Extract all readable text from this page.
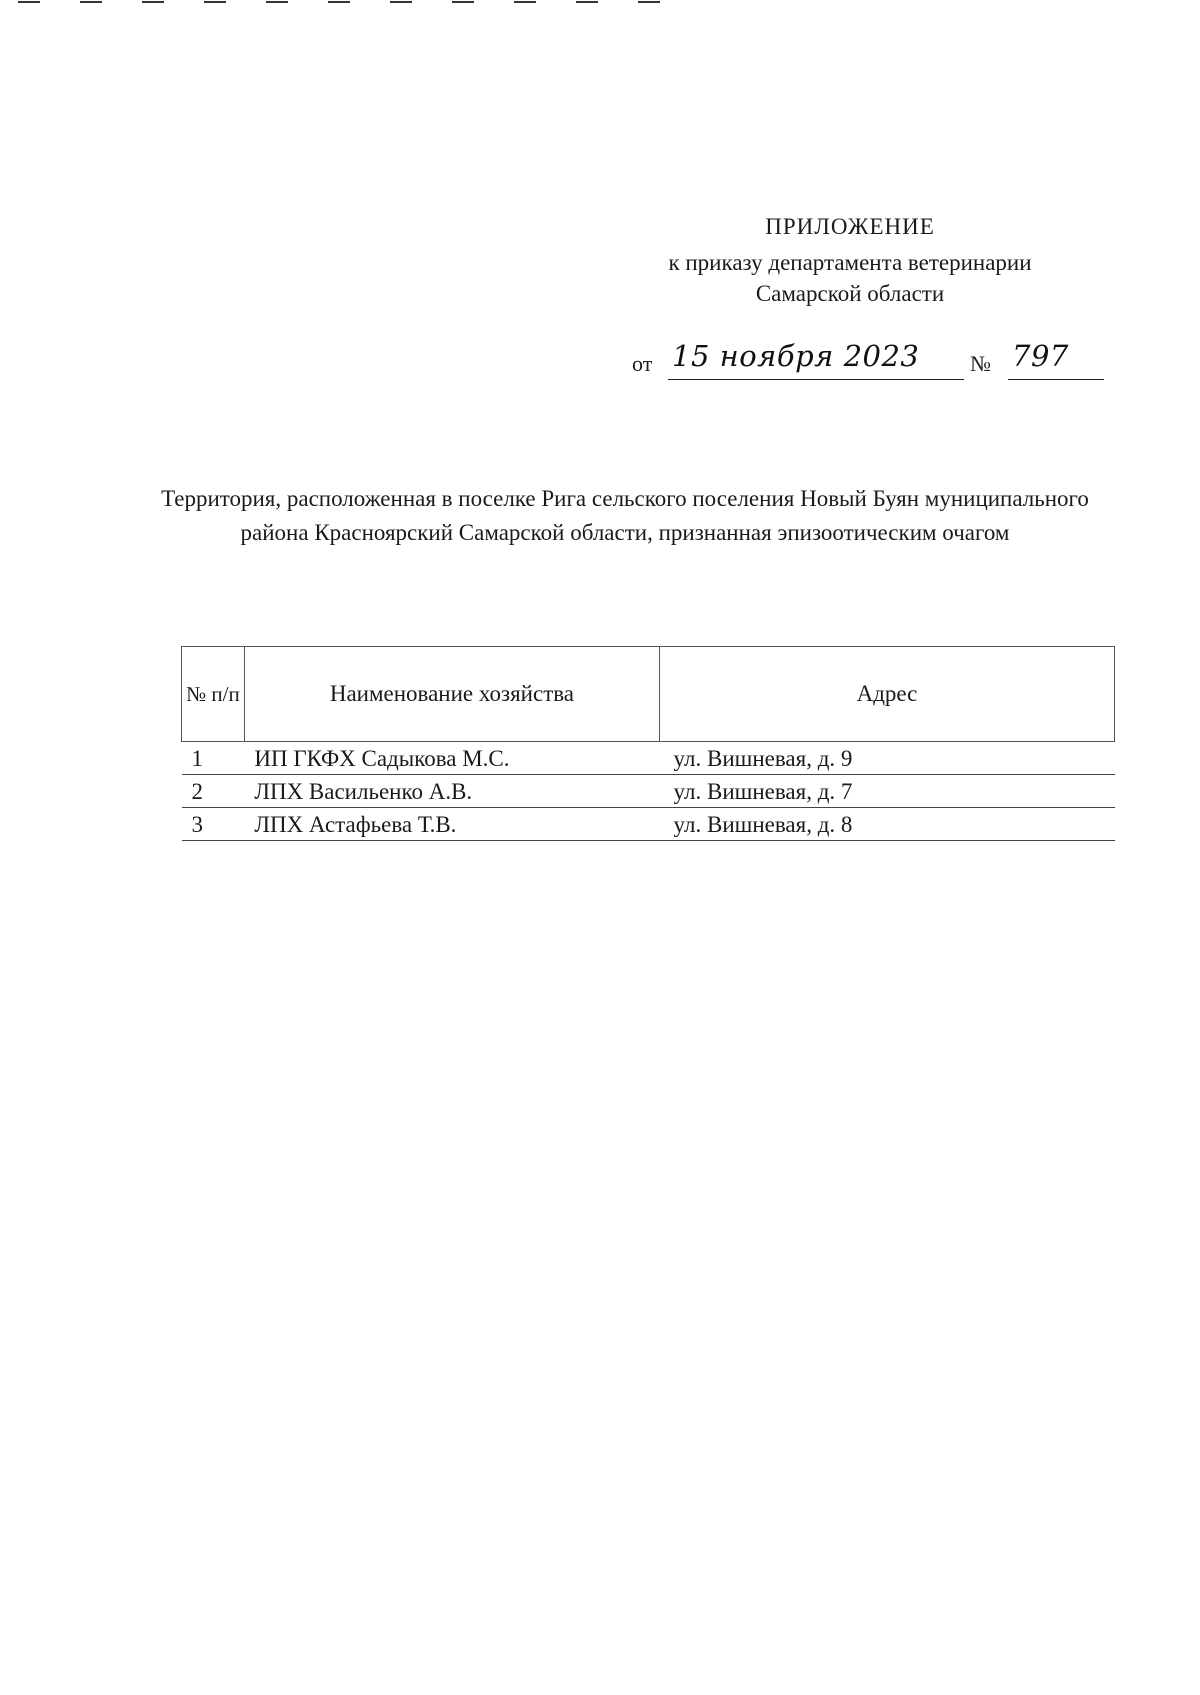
ПРИЛОЖЕНИЕ
к приказу департамента ветеринарии
Самарской области
от 15 ноября 2023 № 797
Территория, расположенная в поселке Рига сельского поселения Новый Буян муниципального района Красноярский Самарской области, признанная эпизоотическим очагом
№ п/п	Наименование хозяйства	Адрес
1	ИП ГКФХ Садыкова М.С.	ул. Вишневая, д. 9
2	ЛПХ Васильенко А.В.	ул. Вишневая, д. 7
3	ЛПХ Астафьева Т.В.	ул. Вишневая, д. 8
